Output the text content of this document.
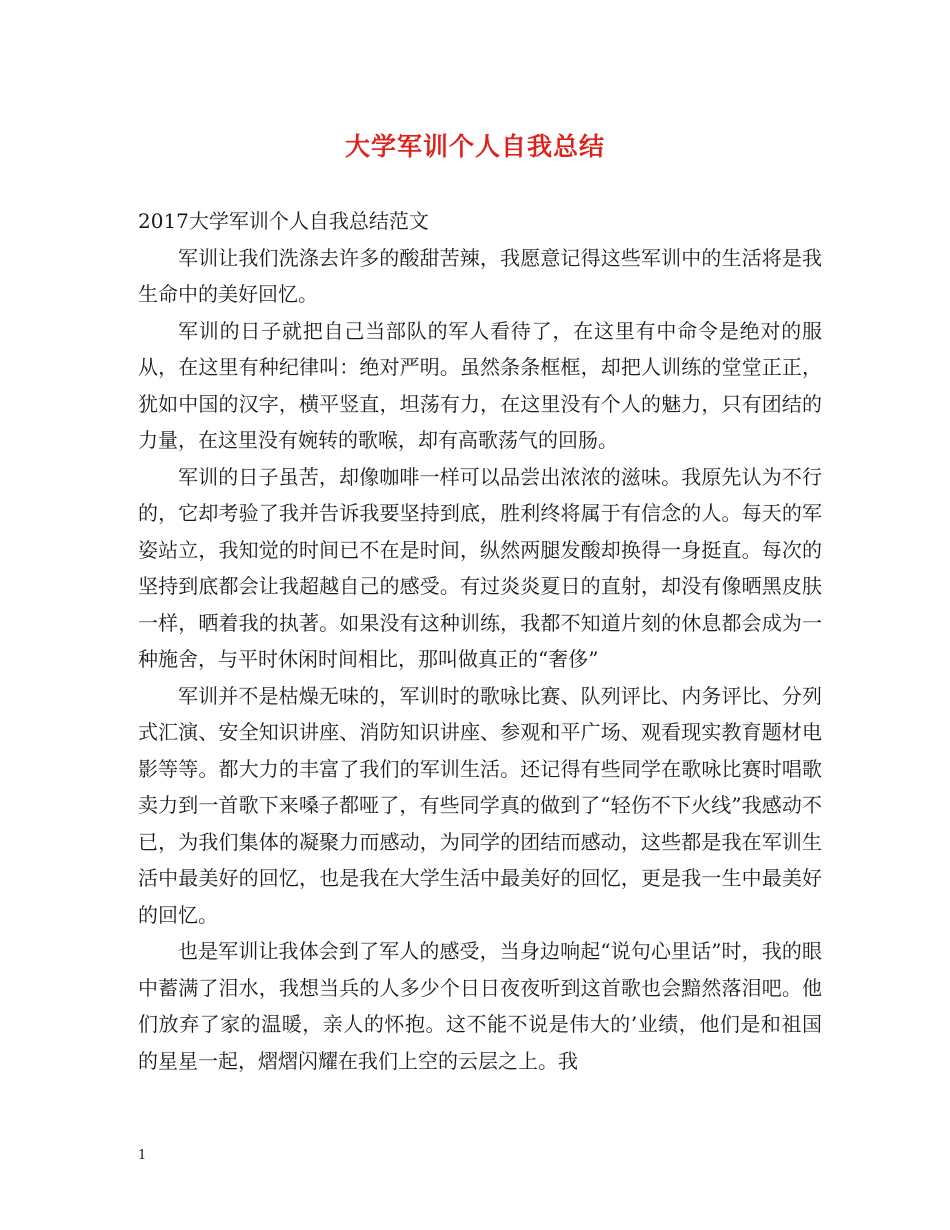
大学军训个人自我总结

2017大学军训个人自我总结范文

军训让我们洗涤去许多的酸甜苦辣，我愿意记得这些军训中的生活将是我生命中的美好回忆。

军训的日子就把自己当部队的军人看待了，在这里有中命令是绝对的服从，在这里有种纪律叫：绝对严明。虽然条条框框，却把人训练的堂堂正正，犹如中国的汉字，横平竖直，坦荡有力，在这里没有个人的魅力，只有团结的力量，在这里没有婉转的歌喉，却有高歌荡气的回肠。

军训的日子虽苦，却像咖啡一样可以品尝出浓浓的滋味。我原先认为不行的，它却考验了我并告诉我要坚持到底，胜利终将属于有信念的人。每天的军姿站立，我知觉的时间已不在是时间，纵然两腿发酸却换得一身挺直。每次的坚持到底都会让我超越自己的感受。有过炎炎夏日的直射，却没有像晒黑皮肤一样，晒着我的执著。如果没有这种训练，我都不知道片刻的休息都会成为一种施舍，与平时休闲时间相比，那叫做真正的“奢侈”

军训并不是枯燥无味的，军训时的歌咏比赛、队列评比、内务评比、分列式汇演、安全知识讲座、消防知识讲座、参观和平广场、观看现实教育题材电影等等。都大力的丰富了我们的军训生活。还记得有些同学在歌咏比赛时唱歌卖力到一首歌下来嗓子都哑了，有些同学真的做到了“轻伤不下火线”我感动不已，为我们集体的凝聚力而感动，为同学的团结而感动，这些都是我在军训生活中最美好的回忆，也是我在大学生活中最美好的回忆，更是我一生中最美好的回忆。

也是军训让我体会到了军人的感受，当身边响起“说句心里话”时，我的眼中蓄满了泪水，我想当兵的人多少个日日夜夜听到这首歌也会黯然落泪吧。他们放弃了家的温暖，亲人的怀抱。这不能不说是伟大的’业绩，他们是和祖国的星星一起，熠熠闪耀在我们上空的云层之上。我

1
